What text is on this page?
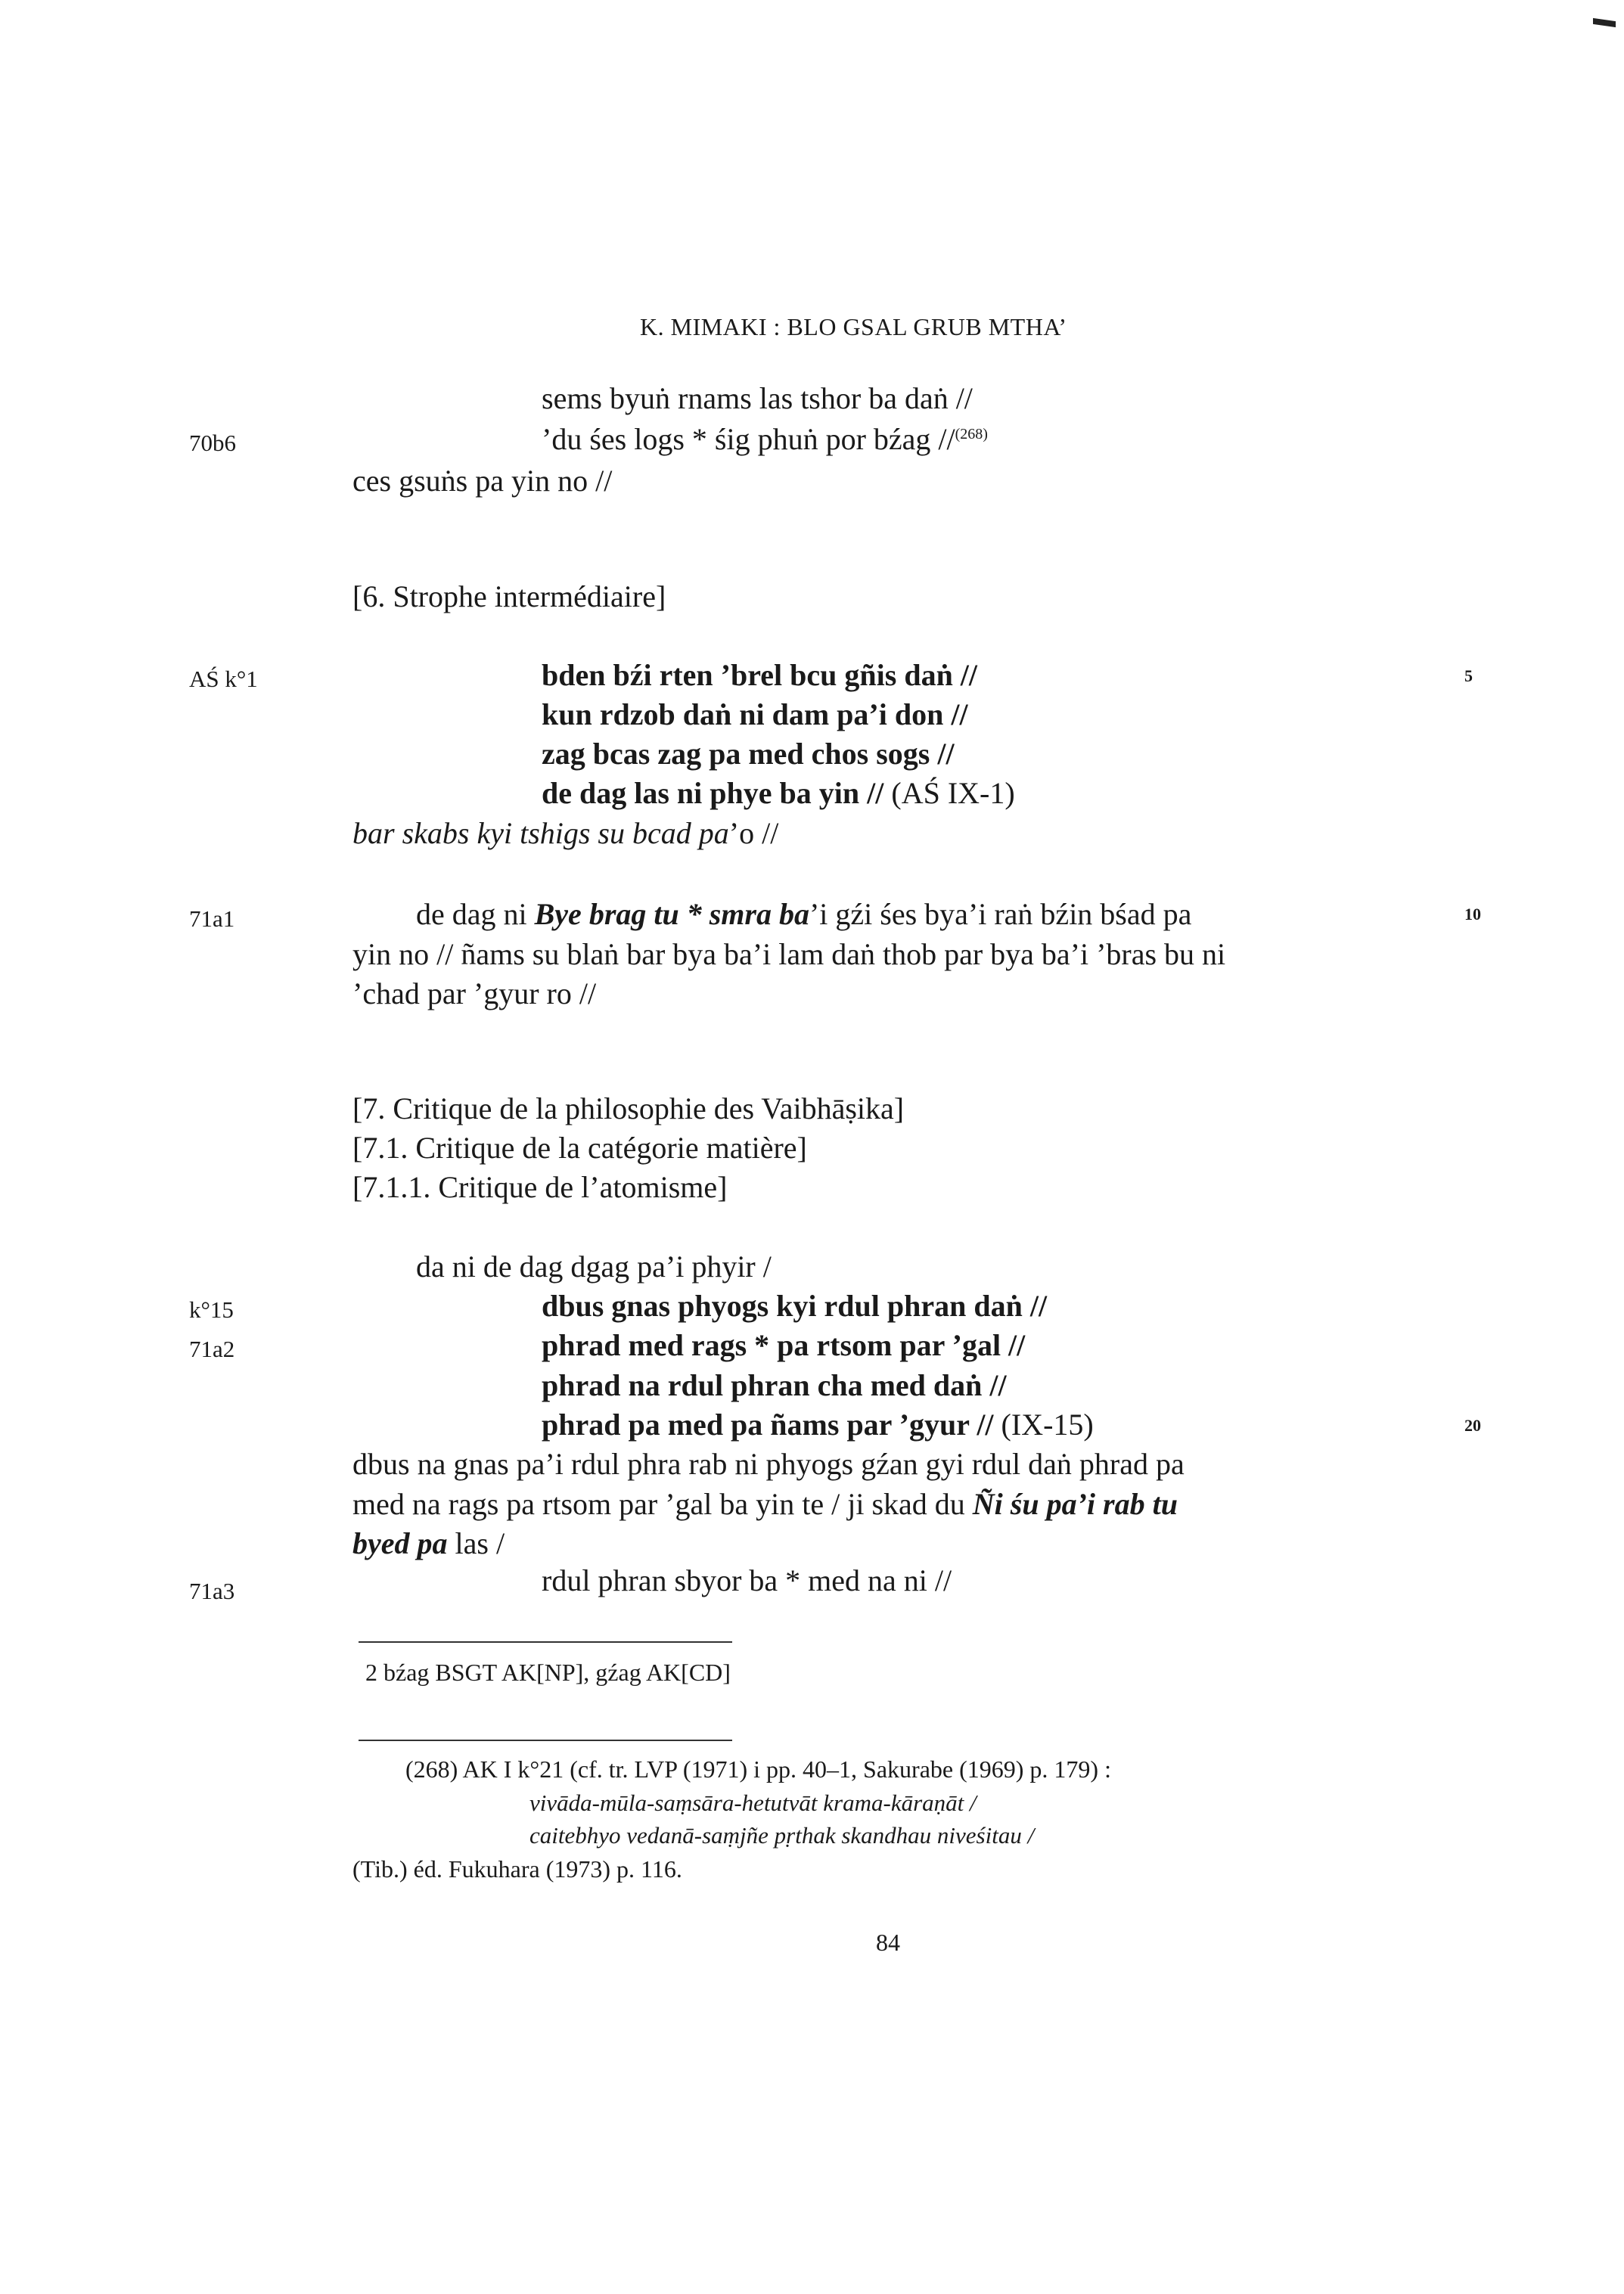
K. MIMAKI : BLO GSAL GRUB MTHA’
70b6
AŚ k°1
71a1
k°15
71a2
71a3
5
10
20
sems byuṅ rnams las tshor ba daṅ //
’du śes logs * śig phuṅ por bźag //$^{(268)}$
ces gsuṅs pa yin no //
[6. Strophe intermédiaire]
bden bźi rten ’brel bcu gñis daṅ //
kun rdzob daṅ ni dam pa’i don //
zag bcas zag pa med chos sogs //
de dag las ni phye ba yin // (AŚ IX-1)
bar skabs kyi tshigs su bcad pa’o //
de dag ni Bye brag tu * smra ba’i gźi śes bya’i raṅ bźin bśad pa
yin no // ñams su blaṅ bar bya ba’i lam daṅ thob par bya ba’i ’bras bu ni
’chad par ’gyur ro //
[7. Critique de la philosophie des Vaibhāṣika]
[7.1. Critique de la catégorie matière]
[7.1.1. Critique de l’atomisme]
da ni de dag dgag pa’i phyir /
dbus gnas phyogs kyi rdul phran daṅ //
phrad med rags * pa rtsom par ’gal //
phrad na rdul phran cha med daṅ //
phrad pa med pa ñams par ’gyur // (IX-15)
dbus na gnas pa’i rdul phra rab ni phyogs gźan gyi rdul daṅ phrad pa
med na rags pa rtsom par ’gal ba yin te / ji skad du Ñi śu pa’i rab tu
byed pa las /
rdul phran sbyor ba * med na ni //
2 bźag BSGT AK[NP], gźag AK[CD]
(268) AK I k°21 (cf. tr. LVP (1971) i pp. 40–1, Sakurabe (1969) p. 179) :
vivāda-mūla-saṃsāra-hetutvāt krama-kāraṇāt /
caitebhyo vedanā-saṃjñe pṛthak skandhau niveśitau /
(Tib.) éd. Fukuhara (1973) p. 116.
84
